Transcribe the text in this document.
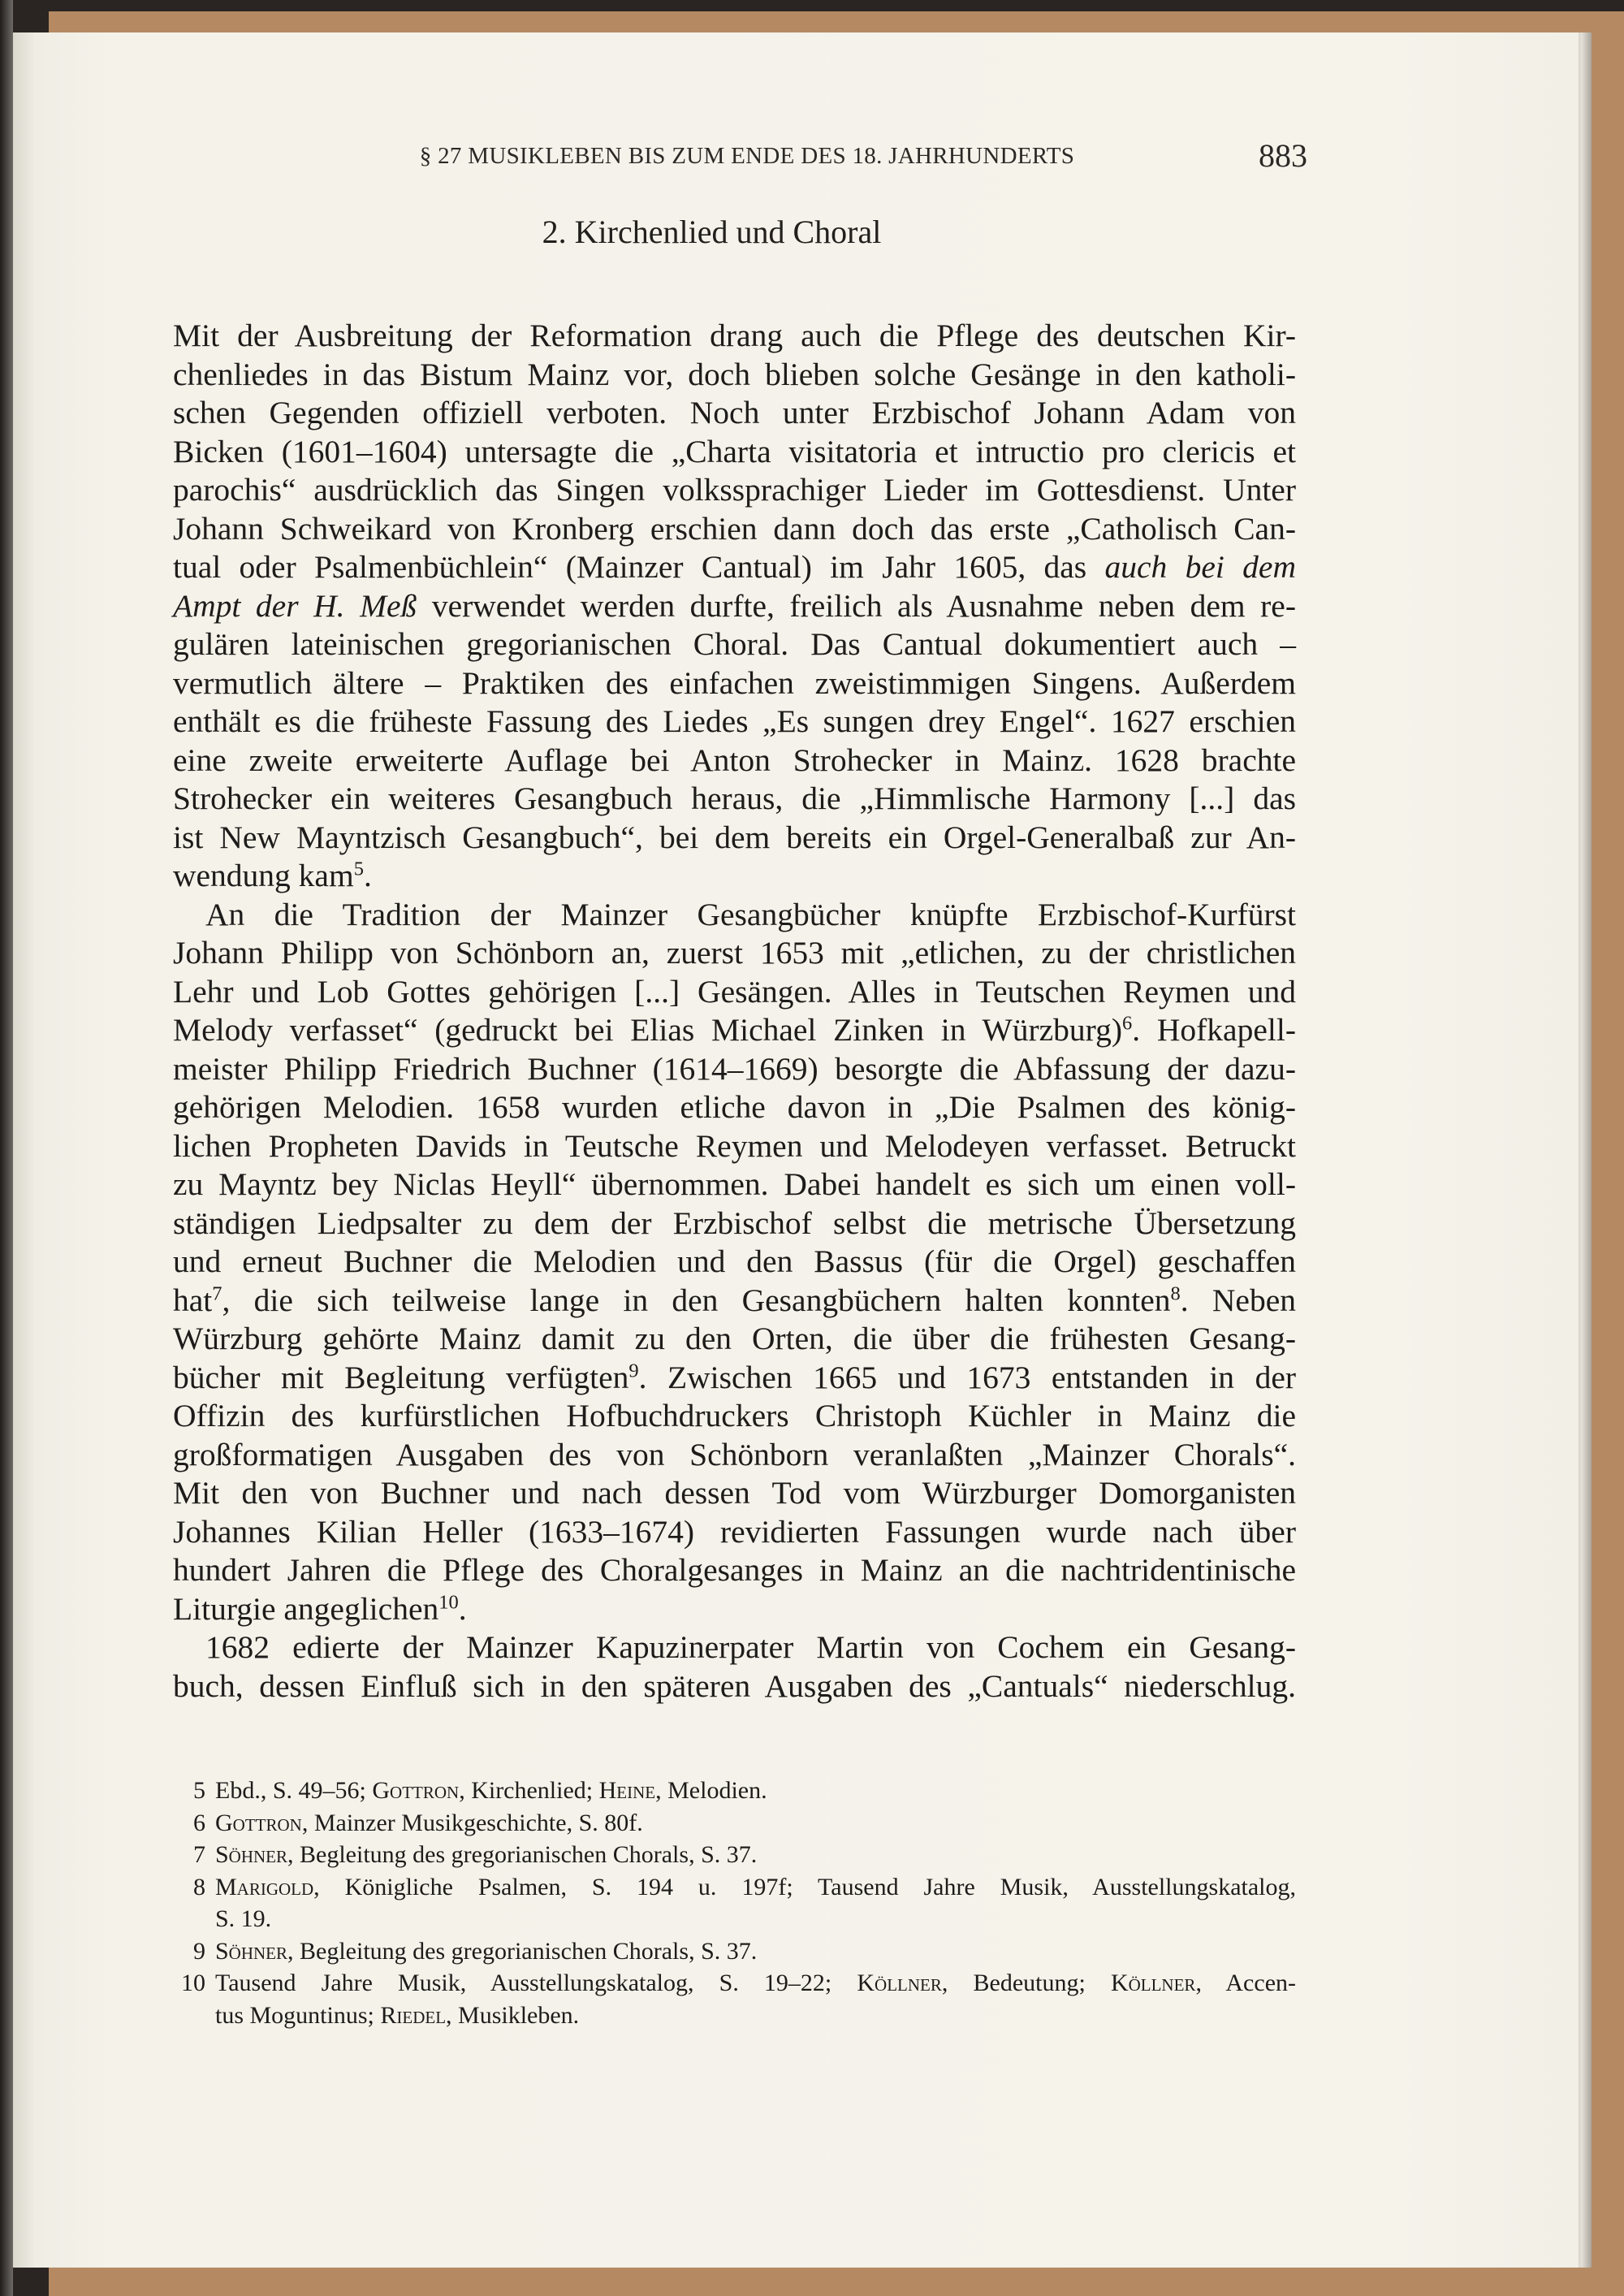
§ 27 MUSIKLEBEN BIS ZUM ENDE DES 18. JAHRHUNDERTS	883
2. Kirchenlied und Choral
Mit der Ausbreitung der Reformation drang auch die Pflege des deutschen Kir-
chenliedes in das Bistum Mainz vor, doch blieben solche Gesänge in den katholi-
schen Gegenden offiziell verboten. Noch unter Erzbischof Johann Adam von
Bicken (1601–1604) untersagte die „Charta visitatoria et intructio pro clericis et
parochis“ ausdrücklich das Singen volkssprachiger Lieder im Gottesdienst. Unter
Johann Schweikard von Kronberg erschien dann doch das erste „Catholisch Can-
tual oder Psalmenbüchlein“ (Mainzer Cantual) im Jahr 1605, das auch bei dem
Ampt der H. Meß verwendet werden durfte, freilich als Ausnahme neben dem re-
gulären lateinischen gregorianischen Choral. Das Cantual dokumentiert auch –
vermutlich ältere – Praktiken des einfachen zweistimmigen Singens. Außerdem
enthält es die früheste Fassung des Liedes „Es sungen drey Engel“. 1627 erschien
eine zweite erweiterte Auflage bei Anton Strohecker in Mainz. 1628 brachte
Strohecker ein weiteres Gesangbuch heraus, die „Himmlische Harmony [...] das
ist New Mayntzisch Gesangbuch“, bei dem bereits ein Orgel-Generalbaß zur An-
wendung kam$^5$.
An die Tradition der Mainzer Gesangbücher knüpfte Erzbischof-Kurfürst
Johann Philipp von Schönborn an, zuerst 1653 mit „etlichen, zu der christlichen
Lehr und Lob Gottes gehörigen [...] Gesängen. Alles in Teutschen Reymen und
Melody verfasset“ (gedruckt bei Elias Michael Zinken in Würzburg)$^6$. Hofkapell-
meister Philipp Friedrich Buchner (1614–1669) besorgte die Abfassung der dazu-
gehörigen Melodien. 1658 wurden etliche davon in „Die Psalmen des könig-
lichen Propheten Davids in Teutsche Reymen und Melodeyen verfasset. Betruckt
zu Mayntz bey Niclas Heyll“ übernommen. Dabei handelt es sich um einen voll-
ständigen Liedpsalter zu dem der Erzbischof selbst die metrische Übersetzung
und erneut Buchner die Melodien und den Bassus (für die Orgel) geschaffen
hat$^7$, die sich teilweise lange in den Gesangbüchern halten konnten$^8$. Neben
Würzburg gehörte Mainz damit zu den Orten, die über die frühesten Gesang-
bücher mit Begleitung verfügten$^9$. Zwischen 1665 und 1673 entstanden in der
Offizin des kurfürstlichen Hofbuchdruckers Christoph Küchler in Mainz die
großformatigen Ausgaben des von Schönborn veranlaßten „Mainzer Chorals“.
Mit den von Buchner und nach dessen Tod vom Würzburger Domorganisten
Johannes Kilian Heller (1633–1674) revidierten Fassungen wurde nach über
hundert Jahren die Pflege des Choralgesanges in Mainz an die nachtridentinische
Liturgie angeglichen$^{10}$.
1682 edierte der Mainzer Kapuzinerpater Martin von Cochem ein Gesang-
buch, dessen Einfluß sich in den späteren Ausgaben des „Cantuals“ niederschlug.
5 Ebd., S. 49–56; Gottron, Kirchenlied; Heine, Melodien.
6 Gottron, Mainzer Musikgeschichte, S. 80f.
7 Söhner, Begleitung des gregorianischen Chorals, S. 37.
8 Marigold, Königliche Psalmen, S. 194 u. 197f; Tausend Jahre Musik, Ausstellungskatalog,
S. 19.
9 Söhner, Begleitung des gregorianischen Chorals, S. 37.
10 Tausend Jahre Musik, Ausstellungskatalog, S. 19–22; Köllner, Bedeutung; Köllner, Accen-
tus Moguntinus; Riedel, Musikleben.
